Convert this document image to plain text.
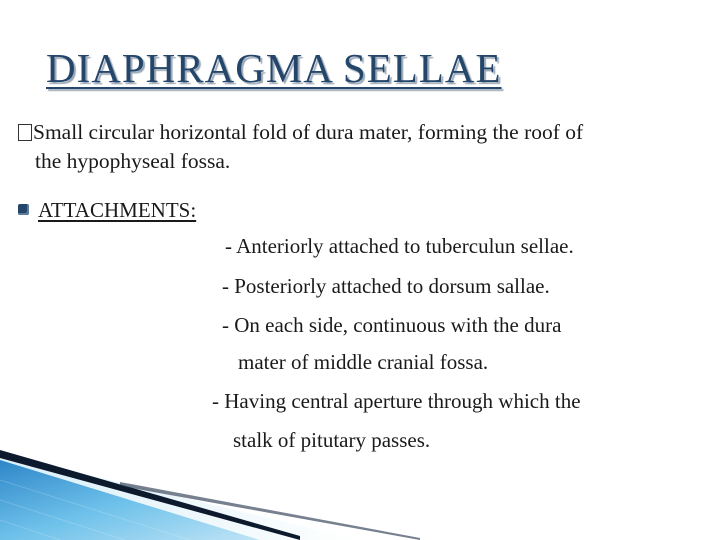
DIAPHRAGMA SELLAE

Small circular horizontal fold of dura mater, forming the roof of
the hypophyseal fossa.

ATTACHMENTS:
- Anteriorly attached to tuberculun sellae.
- Posteriorly attached to dorsum sallae.
- On each side, continuous with the dura
mater of middle cranial fossa.
- Having central aperture through which the
stalk of pitutary passes.
